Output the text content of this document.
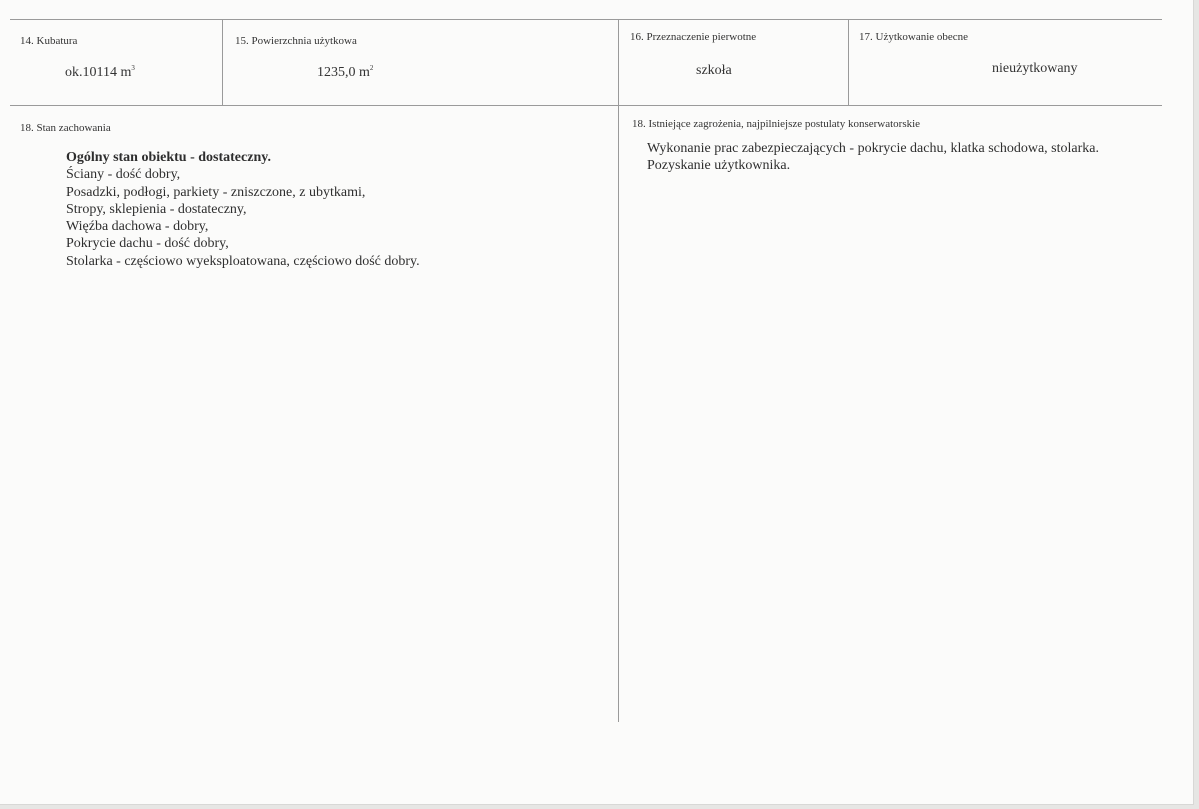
14. Kubatura
ok.10114 $m^3$
15. Powierzchnia użytkowa
1235,0 $m^2$
16. Przeznaczenie pierwotne
szkoła
17. Użytkowanie obecne
nieużytkowany
18. Stan zachowania
Ogólny stan obiektu - dostateczny.
Ściany - dość dobry,
Posadzki, podłogi, parkiety - zniszczone, z ubytkami,
Stropy, sklepienia - dostateczny,
Więźba dachowa - dobry,
Pokrycie dachu - dość dobry,
Stolarka - częściowo wyeksploatowana, częściowo dość dobry.
18. Istniejące zagrożenia, najpilniejsze postulaty konserwatorskie
Wykonanie prac zabezpieczających - pokrycie dachu, klatka schodowa, stolarka.
Pozyskanie użytkownika.
